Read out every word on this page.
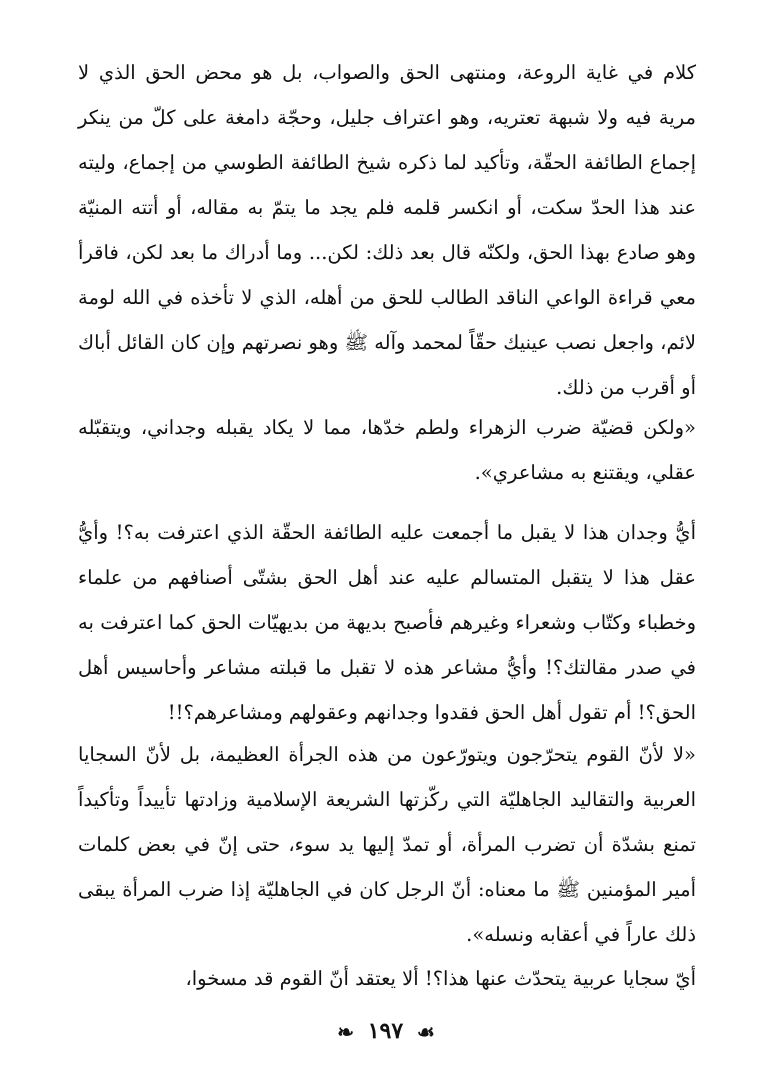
كلام في غاية الروعة، ومنتهى الحق والصواب، بل هو محض الحق الذي لا مرية فيه ولا شبهة تعتريه، وهو اعتراف جليل، وحجّة دامغة على كلّ من ينكر إجماع الطائفة الحقّة، وتأكيد لما ذكره شيخ الطائفة الطوسي من إجماع، وليته عند هذا الحدّ سكت، أو انكسر قلمه فلم يجد ما يتمّ به مقاله، أو أتته المنيّة وهو صادع بهذا الحق، ولكنّه قال بعد ذلك: لكن... وما أدراك ما بعد لكن، فاقرأ معي قراءة الواعي الناقد الطالب للحق من أهله، الذي لا تأخذه في الله لومة لائم، واجعل نصب عينيك حقّاً لمحمد وآله ﷺ وهو نصرتهم وإن كان القائل أباك أو أقرب من ذلك.

«ولكن قضيّة ضرب الزهراء ولطم خدّها، مما لا يكاد يقبله وجداني، ويتقبّله عقلي، ويقتنع به مشاعري».

أيُّ وجدان هذا لا يقبل ما أجمعت عليه الطائفة الحقّة الذي اعترفت به؟! وأيُّ عقل هذا لا يتقبل المتسالم عليه عند أهل الحق بشتّى أصنافهم من علماء وخطباء وكتّاب وشعراء وغيرهم فأصبح بديهة من بديهيّات الحق كما اعترفت به في صدر مقالتك؟! وأيُّ مشاعر هذه لا تقبل ما قبلته مشاعر وأحاسيس أهل الحق؟! أم تقول أهل الحق فقدوا وجدانهم وعقولهم ومشاعرهم؟!!

«لا لأنّ القوم يتحرّجون ويتورّعون من هذه الجرأة العظيمة، بل لأنّ السجايا العربية والتقاليد الجاهليّة التي ركّزتها الشريعة الإسلامية وزادتها تأييداً وتأكيداً تمنع بشدّة أن تضرب المرأة، أو تمدّ إليها يد سوء، حتى إنّ في بعض كلمات أمير المؤمنين ﷺ ما معناه: أنّ الرجل كان في الجاهليّة إذا ضرب المرأة يبقى ذلك عاراً في أعقابه ونسله».

أيّ سجايا عربية يتحدّث عنها هذا؟! ألا يعتقد أنّ القوم قد مسخوا،

☙ ١٩٧ ❧
